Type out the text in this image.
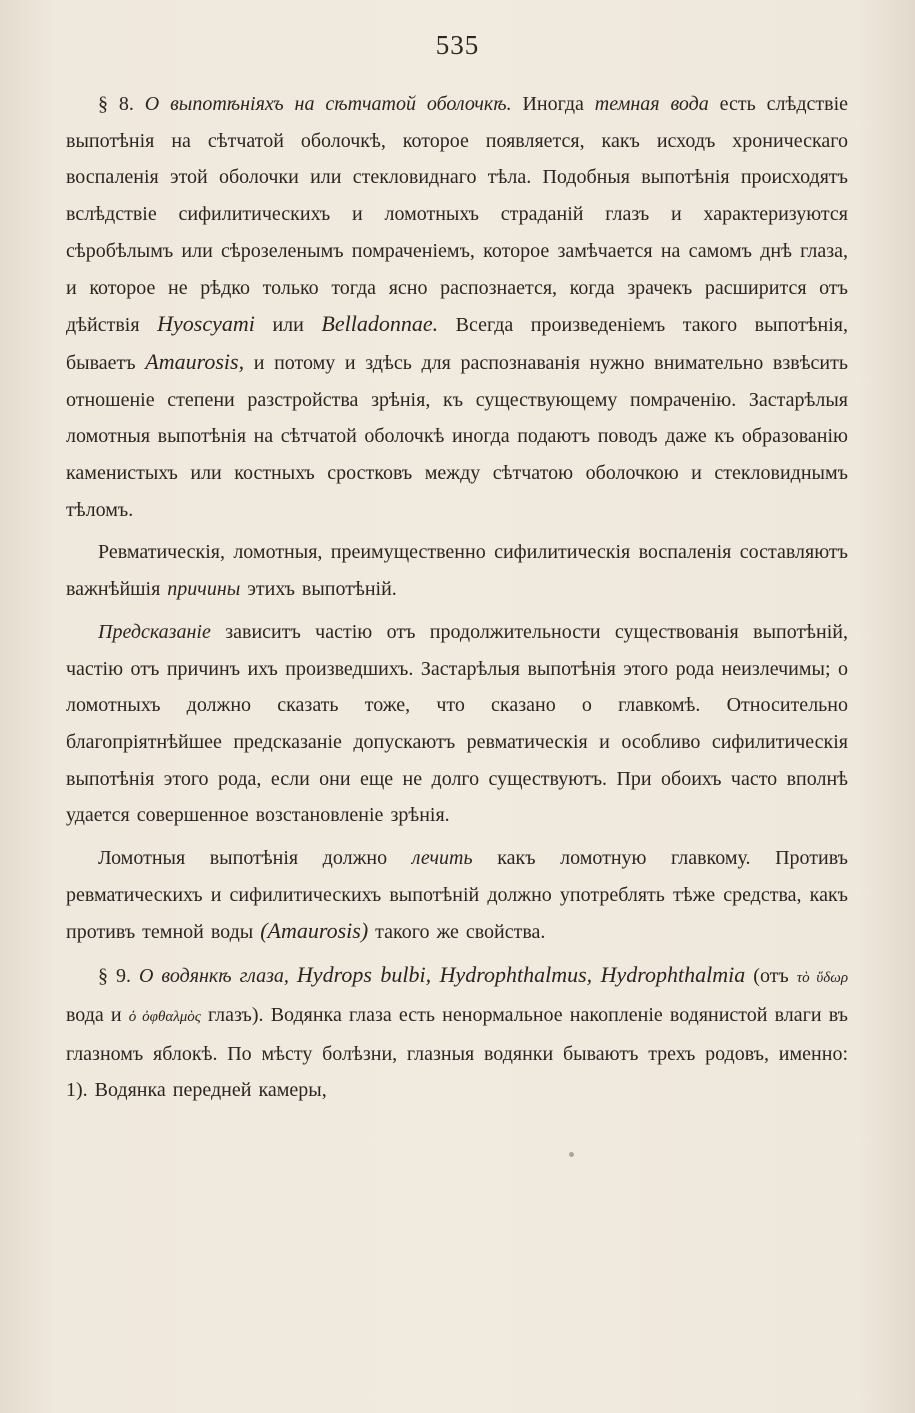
535

§ 8. О выпотѣніяхъ на сѣтчатой оболочкѣ. Иногда темная вода есть слѣдствіе выпотѣнія на сѣтчатой оболочкѣ, которое появляется, какъ исходъ хроническаго воспаленія этой оболочки или стекловиднаго тѣла. Подобныя выпотѣнія происходятъ вслѣдствіе сифилитическихъ и ломотныхъ страданій глазъ и характеризуются сѣробѣлымъ или сѣрозеленымъ помраченіемъ, которое замѣчается на самомъ днѣ глаза, и которое не рѣдко только тогда ясно распознается, когда зрачекъ расширится отъ дѣйствія Hyoscyami или Belladonnae. Всегда произведеніемъ такого выпотѣнія, бываетъ Amaurosis, и потому и здѣсь для распознаванія нужно внимательно взвѣсить отношеніе степени разстройства зрѣнія, къ существующему помраченію. Застарѣлыя ломотныя выпотѣнія на сѣтчатой оболочкѣ иногда подаютъ поводъ даже къ образованію каменистыхъ или костныхъ сростковъ между сѣтчатою оболочкою и стекловиднымъ тѣломъ.

Ревматическія, ломотныя, преимущественно сифилитическія воспаленія составляютъ важнѣйшія причины этихъ выпотѣній.

Предсказаніе зависитъ частію отъ продолжительности существованія выпотѣній, частію отъ причинъ ихъ произведшихъ. Застарѣлыя выпотѣнія этого рода неизлечимы; о ломотныхъ должно сказать тоже, что сказано о главкомѣ. Относительно благопріятнѣйшее предсказаніе допускаютъ ревматическія и особливо сифилитическія выпотѣнія этого рода, если они еще не долго существуютъ. При обоихъ часто вполнѣ удается совершенное возстановленіе зрѣнія.

Ломотныя выпотѣнія должно лечить какъ ломотную главкому. Противъ ревматическихъ и сифилитическихъ выпотѣній должно употреблять тѣже средства, какъ противъ темной воды (Amaurosis) такого же свойства.

§ 9. О водянкѣ глаза, Hydrops bulbi, Hydrophthalmus, Hydrophthalmia (отъ τὸ ὕδωρ вода и ὁ ὀφθαλμὸς глазъ). Водянка глаза есть ненормальное накопленіе водянистой влаги въ глазномъ яблокѣ. По мѣсту болѣзни, глазныя водянки бываютъ трехъ родовъ, именно: 1). Водянка передней камеры,
